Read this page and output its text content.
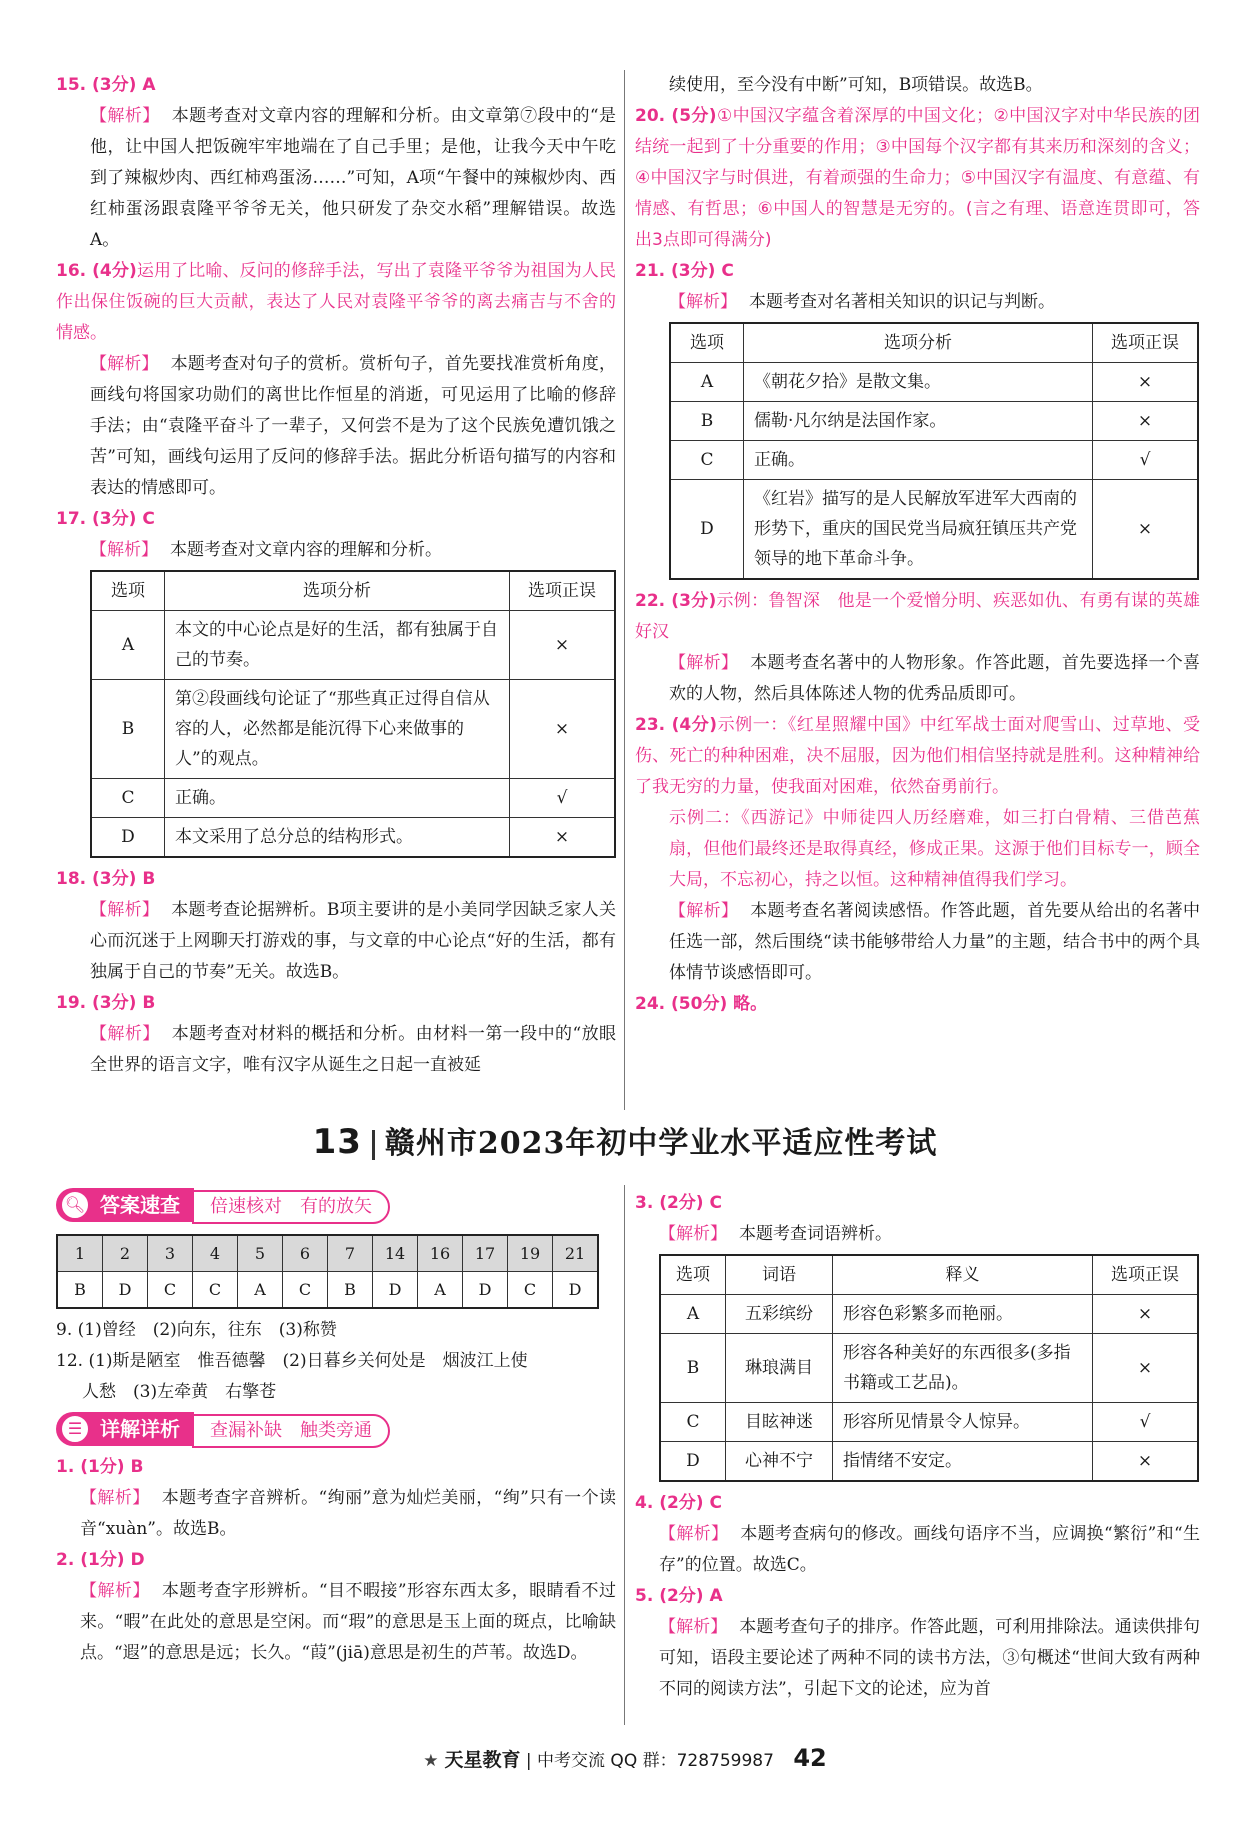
15. (3分) A
【解析】 本题考查对文章内容的理解和分析。由文章第⑦段中的“是他，让中国人把饭碗牢牢地端在了自己手里；是他，让我今天中午吃到了辣椒炒肉、西红柿鸡蛋汤……”可知，A项“午餐中的辣椒炒肉、西红柿蛋汤跟袁隆平爷爷无关，他只研发了杂交水稻”理解错误。故选A。
16. (4分)运用了比喻、反问的修辞手法，写出了袁隆平爷爷为祖国为人民作出保住饭碗的巨大贡献，表达了人民对袁隆平爷爷的离去痛吉与不舍的情感。
【解析】 本题考查对句子的赏析。赏析句子，首先要找准赏析角度，画线句将国家功勋们的离世比作恒星的消逝，可见运用了比喻的修辞手法；由“袁隆平奋斗了一辈子，又何尝不是为了这个民族免遭饥饿之苦”可知，画线句运用了反问的修辞手法。据此分析语句描写的内容和表达的情感即可。
17. (3分) C
【解析】 本题考查对文章内容的理解和分析。
选项	选项分析	选项正误
A	本文的中心论点是好的生活，都有独属于自己的节奏。	×
B	第②段画线句论证了“那些真正过得自信从容的人，必然都是能沉得下心来做事的人”的观点。	×
C	正确。	√
D	本文采用了总分总的结构形式。	×
18. (3分) B
【解析】 本题考查论据辨析。B项主要讲的是小美同学因缺乏家人关心而沉迷于上网聊天打游戏的事，与文章的中心论点“好的生活，都有独属于自己的节奏”无关。故选B。
19. (3分) B
【解析】 本题考查对材料的概括和分析。由材料一第一段中的“放眼全世界的语言文字，唯有汉字从诞生之日起一直被延
续使用，至今没有中断”可知，B项错误。故选B。
20. (5分)①中国汉字蕴含着深厚的中国文化；②中国汉字对中华民族的团结统一起到了十分重要的作用；③中国每个汉字都有其来历和深刻的含义；④中国汉字与时俱进，有着顽强的生命力；⑤中国汉字有温度、有意蕴、有情感、有哲思；⑥中国人的智慧是无穷的。(言之有理、语意连贯即可，答出3点即可得满分)
21. (3分) C
【解析】 本题考查对名著相关知识的识记与判断。
选项	选项分析	选项正误
A	《朝花夕拾》是散文集。	×
B	儒勒·凡尔纳是法国作家。	×
C	正确。	√
D	《红岩》描写的是人民解放军进军大西南的形势下，重庆的国民党当局疯狂镇压共产党领导的地下革命斗争。	×
22. (3分)示例：鲁智深　他是一个爱憎分明、疾恶如仇、有勇有谋的英雄好汉
【解析】 本题考查名著中的人物形象。作答此题，首先要选择一个喜欢的人物，然后具体陈述人物的优秀品质即可。
23. (4分)示例一：《红星照耀中国》中红军战士面对爬雪山、过草地、受伤、死亡的种种困难，决不屈服，因为他们相信坚持就是胜利。这种精神给了我无穷的力量，使我面对困难，依然奋勇前行。
示例二：《西游记》中师徒四人历经磨难，如三打白骨精、三借芭蕉扇，但他们最终还是取得真经，修成正果。这源于他们目标专一，顾全大局，不忘初心，持之以恒。这种精神值得我们学习。
【解析】 本题考查名著阅读感悟。作答此题，首先要从给出的名著中任选一部，然后围绕“读书能够带给人力量”的主题，结合书中的两个具体情节谈感悟即可。
24. (50分) 略。
13 赣州市2023年初中学业水平适应性考试
🔍︎ 答案速查 倍速核对　有的放矢
1	2	3	4	5	6	7	14	16	17	19	21
B	D	C	C	A	C	B	D	A	D	C	D
9. (1)曾经　(2)向东，往东　(3)称赞
12. (1)斯是陋室　惟吾德馨　(2)日暮乡关何处是　烟波江上使
人愁　(3)左牵黄　右擎苍
☰ 详解详析 查漏补缺　触类旁通
1. (1分) B
【解析】 本题考查字音辨析。“绚丽”意为灿烂美丽，“绚”只有一个读音“xuàn”。故选B。
2. (1分) D
【解析】 本题考查字形辨析。“目不暇接”形容东西太多，眼睛看不过来。“暇”在此处的意思是空闲。而“瑕”的意思是玉上面的斑点，比喻缺点。“遐”的意思是远；长久。“葭”(jiā)意思是初生的芦苇。故选D。
3. (2分) C
【解析】 本题考查词语辨析。
选项	词语	释义	选项正误
A	五彩缤纷	形容色彩繁多而艳丽。	×
B	琳琅满目	形容各种美好的东西很多(多指书籍或工艺品)。	×
C	目眩神迷	形容所见情景令人惊异。	√
D	心神不宁	指情绪不安定。	×
4. (2分) C
【解析】 本题考查病句的修改。画线句语序不当，应调换“繁衍”和“生存”的位置。故选C。
5. (2分) A
【解析】 本题考查句子的排序。作答此题，可利用排除法。通读供排句可知，语段主要论述了两种不同的读书方法，③句概述“世间大致有两种不同的阅读方法”，引起下文的论述，应为首
★ 天星教育 | 中考交流 QQ 群：728759987 42
